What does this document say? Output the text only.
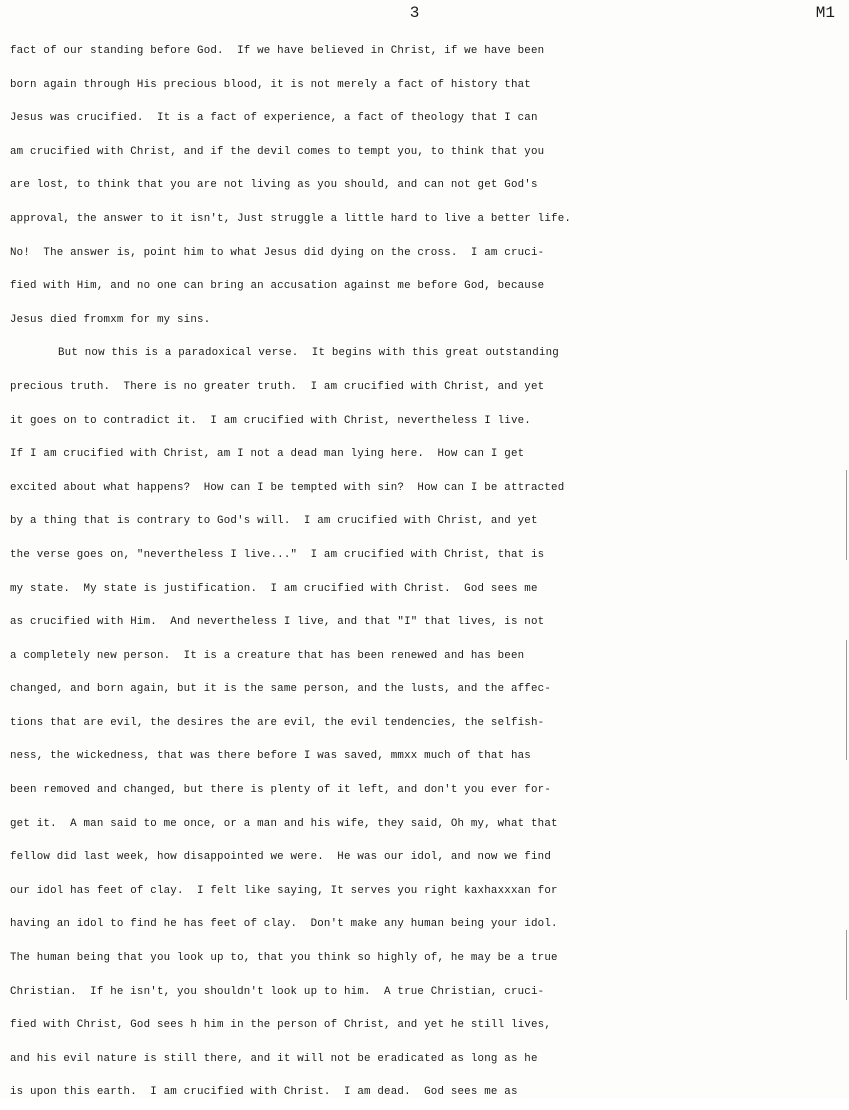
3	M1
fact of our standing before God.  If we have believed in Christ, if we have been
born again through His precious blood, it is not merely a fact of history that
Jesus was crucified.  It is a fact of experience, a fact of theology that I can
am crucified with Christ, and if the devil comes to tempt you, to think that you
are lost, to think that you are not living as you should, and can not get God's
approval, the answer to it isn't, Just struggle a little hard to live a better life.
No!  The answer is, point him to what Jesus did dying on the cross.  I am cruci-
fied with Him, and no one can bring an accusation against me before God, because
Jesus died fromxm for my sins.
But now this is a paradoxical verse.  It begins with this great outstanding
precious truth.  There is no greater truth.  I am crucified with Christ, and yet
it goes on to contradict it.  I am crucified with Christ, nevertheless I live.
If I am crucified with Christ, am I not a dead man lying here.  How can I get
excited about what happens?  How can I be tempted with sin?  How can I be attracted
by a thing that is contrary to God's will.  I am crucified with Christ, and yet
the verse goes on, "nevertheless I live..."  I am crucified with Christ, that is
my state.  My state is justification.  I am crucified with Christ.  God sees me
as crucified with Him.  And nevertheless I live, and that "I" that lives, is not
a completely new person.  It is a creature that has been renewed and has been
changed, and born again, but it is the same person, and the lusts, and the affec-
tions that are evil, the desires the are evil, the evil tendencies, the selfish-
ness, the wickedness, that was there before I was saved, mmxx much of that has
been removed and changed, but there is plenty of it left, and don't you ever for-
get it.  A man said to me once, or a man and his wife, they said, Oh my, what that
fellow did last week, how disappointed we were.  He was our idol, and now we find
our idol has feet of clay.  I felt like saying, It serves you right kaxhaxxxan for
having an idol to find he has feet of clay.  Don't make any human being your idol.
The human being that you look up to, that you think so highly of, he may be a true
Christian.  If he isn't, you shouldn't look up to him.  A true Christian, cruci-
fied with Christ, God sees h him in the person of Christ, and yet he still lives,
and his evil nature is still there, and it will not be eradicated as long as he
is upon this earth.  I am crucified with Christ.  I am dead.  God sees me as
